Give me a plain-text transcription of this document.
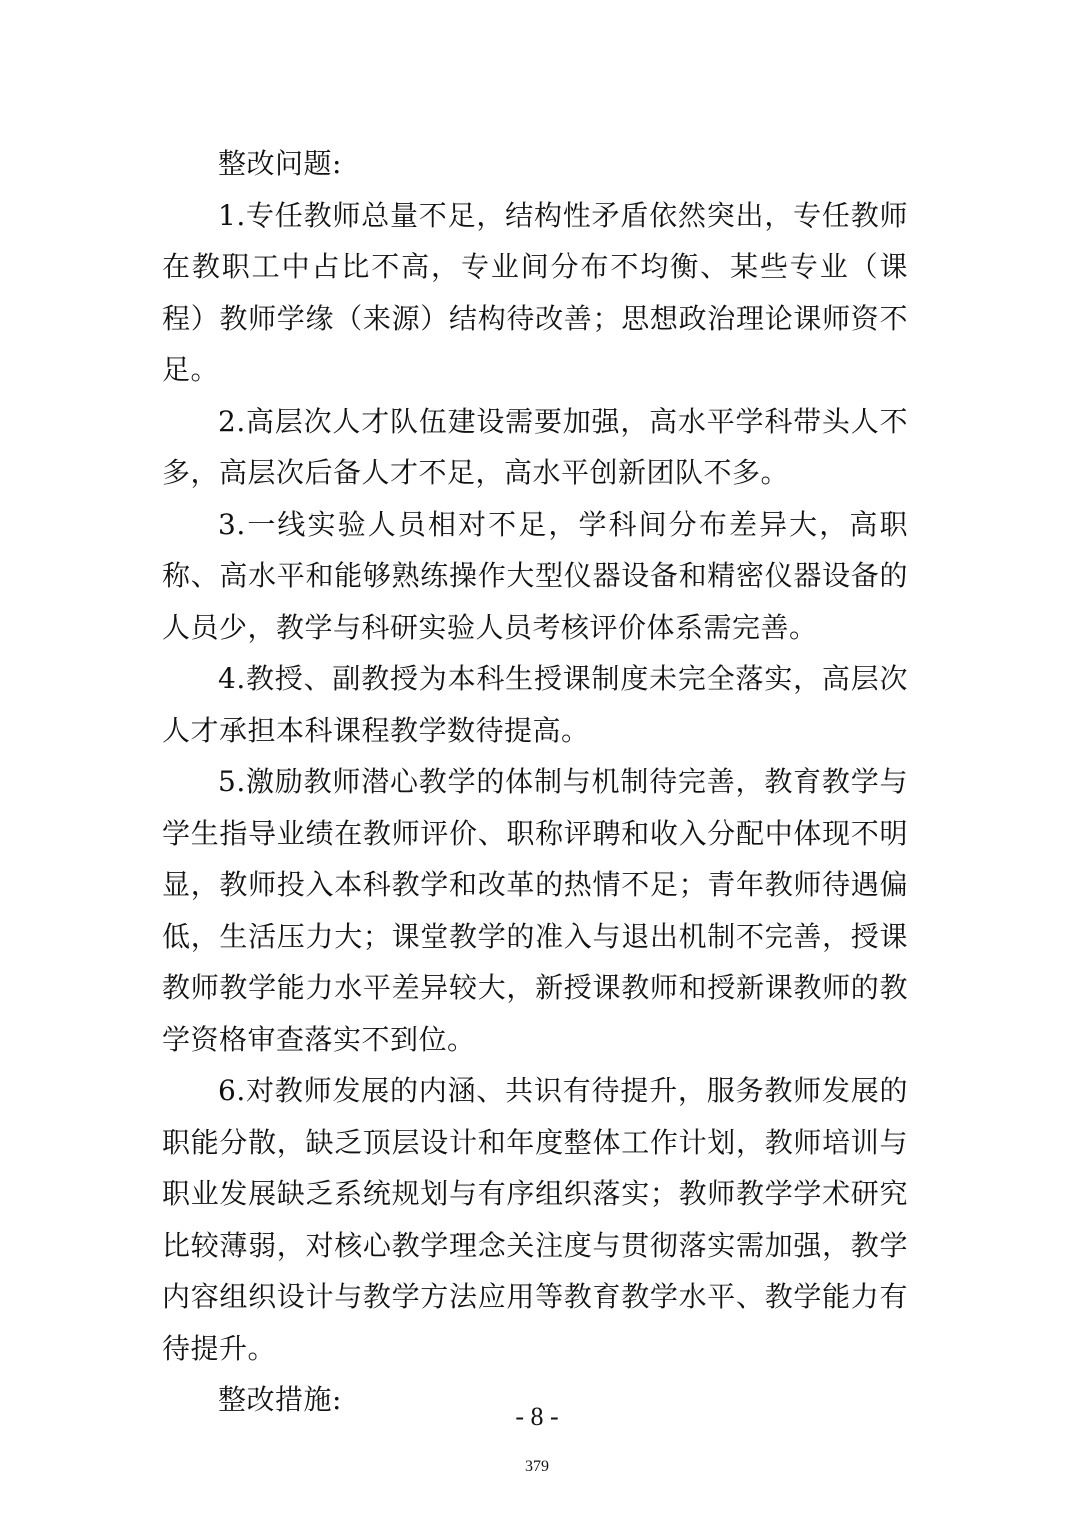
整改问题:

1.专任教师总量不足，结构性矛盾依然突出，专任教师在教职工中占比不高，专业间分布不均衡、某些专业（课程）教师学缘（来源）结构待改善；思想政治理论课师资不足。

2.高层次人才队伍建设需要加强，高水平学科带头人不多，高层次后备人才不足，高水平创新团队不多。

3.一线实验人员相对不足，学科间分布差异大，高职称、高水平和能够熟练操作大型仪器设备和精密仪器设备的人员少，教学与科研实验人员考核评价体系需完善。

4.教授、副教授为本科生授课制度未完全落实，高层次人才承担本科课程教学数待提高。

5.激励教师潜心教学的体制与机制待完善，教育教学与学生指导业绩在教师评价、职称评聘和收入分配中体现不明显，教师投入本科教学和改革的热情不足；青年教师待遇偏低，生活压力大；课堂教学的准入与退出机制不完善，授课教师教学能力水平差异较大，新授课教师和授新课教师的教学资格审查落实不到位。

6.对教师发展的内涵、共识有待提升，服务教师发展的职能分散，缺乏顶层设计和年度整体工作计划，教师培训与职业发展缺乏系统规划与有序组织落实；教师教学学术研究比较薄弱，对核心教学理念关注度与贯彻落实需加强，教学内容组织设计与教学方法应用等教育教学水平、教学能力有待提升。

整改措施:

- 8 -
379
